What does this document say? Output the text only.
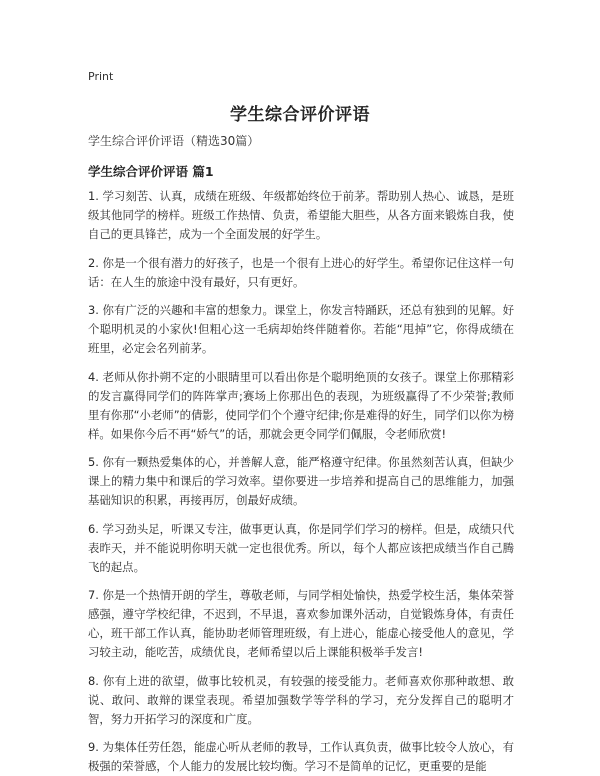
Print
学生综合评价评语
学生综合评价评语（精选30篇）
学生综合评价评语 篇1

1. 学习刻苦、认真，成绩在班级、年级都始终位于前茅。帮助别人热心、诚恳，是班级其他同学的榜样。班级工作热情、负责，希望能大胆些，从各方面来锻炼自我，使自己的更具锋芒，成为一个全面发展的好学生。

2. 你是一个很有潜力的好孩子，也是一个很有上进心的好学生。希望你记住这样一句话：在人生的旅途中没有最好，只有更好。

3. 你有广泛的兴趣和丰富的想象力。课堂上，你发言特踊跃，还总有独到的见解。好个聪明机灵的小家伙!但粗心这一毛病却始终伴随着你。若能“甩掉”它，你得成绩在班里，必定会名列前茅。

4. 老师从你扑朔不定的小眼睛里可以看出你是个聪明绝顶的女孩子。课堂上你那精彩的发言赢得同学们的阵阵掌声;赛场上你那出色的表现，为班级赢得了不少荣誉;教师里有你那“小老师”的倩影，使同学们个个遵守纪律;你是难得的好生，同学们以你为榜样。如果你今后不再“娇气”的话，那就会更令同学们佩服，令老师欣赏!

5. 你有一颗热爱集体的心，并善解人意，能严格遵守纪律。你虽然刻苦认真，但缺少课上的精力集中和课后的学习效率。望你要进一步培养和提高自己的思维能力，加强基础知识的积累，再接再厉，创最好成绩。

6. 学习劲头足，听课又专注，做事更认真，你是同学们学习的榜样。但是，成绩只代表昨天，并不能说明你明天就一定也很优秀。所以，每个人都应该把成绩当作自己腾飞的起点。

7. 你是一个热情开朗的学生，尊敬老师，与同学相处愉快，热爱学校生活，集体荣誉感强，遵守学校纪律，不迟到，不早退，喜欢参加课外活动，自觉锻炼身体，有责任心，班干部工作认真，能协助老师管理班级，有上进心，能虚心接受他人的意见，学习较主动，能吃苦，成绩优良，老师希望以后上课能积极举手发言!

8. 你有上进的欲望，做事比较机灵，有较强的接受能力。老师喜欢你那种敢想、敢说、敢问、敢辩的课堂表现。希望加强数学等学科的学习，充分发挥自己的聪明才智，努力开拓学习的深度和广度。

9. 为集体任劳任怨，能虚心听从老师的教导，工作认真负责，做事比较令人放心，有极强的荣誉感，个人能力的发展比较均衡。学习不是简单的记忆，更重要的是能
